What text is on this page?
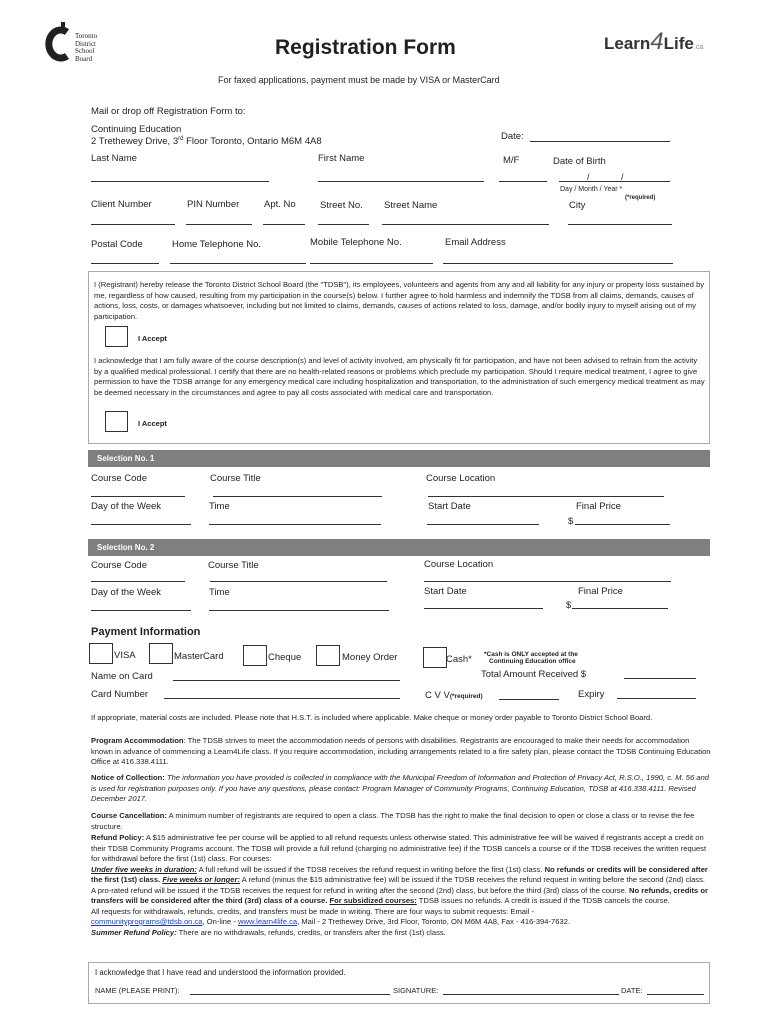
Toronto
District
School
Board	Registration Form	Learn4Life.ca
For faxed applications, payment must be made by VISA or MasterCard
Mail or drop off Registration Form to:
Continuing Education
2 Trethewey Drive, 3rd Floor Toronto, Ontario M6M 4A8	Date:
Last Name	First Name	M/F	Date of Birth
/	/
Day / Month / Year *
(*required)
Client Number	PIN Number	Apt. No	Street No. Street Name	City
Postal Code	Home Telephone No.	Mobile Telephone No.	Email Address
I (Registrant) hereby release the Toronto District School Board (the "TDSB"), its employees, volunteers and agents from any and all liability for any injury or property loss sustained by me, regardless of how caused, resulting from my participation in the course(s) below. I further agree to hold harmless and indemnify the TDSB from all claims, demands, causes of actions, loss, costs, or damages whatsoever, including but not limited to claims, demands, causes of actions related to loss, damage, and/or bodily injury to myself arising out of my participation.
I Accept
I acknowledge that I am fully aware of the course description(s) and level of activity involved, am physically fit for participation, and have not been advised to refrain from the activity by a qualified medical professional. I certify that there are no health-related reasons or problems which preclude my participation. Should I require medical treatment, I agree to give permission to have the TDSB arrange for any emergency medical care including hospitalization and transportation, to the administration of such emergency medical treatment as may be deemed necessary in the circumstances and agree to pay all costs associated with medical care and transportation.
I Accept
Selection No. 1
Course Code	Course Title	Course Location
Day of the Week	Time	Start Date	Final Price
$
Selection No. 2
Course Code	Course Title	Course Location
Day of the Week	Time	Start Date	Final Price
$
Payment Information
VISA	MasterCard	Cheque	Money Order	Cash* *Cash is ONLY accepted at the
Continuing Education office
Name on Card	Total Amount Received $
Card Number	C V V(*required)	Expiry
If appropriate, material costs are included. Please note that H.S.T. is included where applicable. Make cheque or money order payable to Toronto District School Board.
Program Accommodation: The TDSB strives to meet the accommodation needs of persons with disabilities. Registrants are encouraged to make their needs for accommodation known in advance of commencing a Learn4Life class. If you require accommodation, including arrangements related to a fire safety plan, please contact the TDSB Continuing Education Office at 416.338.4111.
Notice of Collection: The information you have provided is collected in compliance with the Municipal Freedom of Information and Protection of Privacy Act, R.S.O., 1990, c. M. 56 and is used for registration purposes only. If you have any questions, please contact: Program Manager of Community Programs, Continuing Education, TDSB at 416.338.4111. Revised December 2017.
Course Cancellation: A minimum number of registrants are required to open a class. The TDSB has the right to make the final decision to open or close a class or to revise the fee structure.
Refund Policy: A $15 administrative fee per course will be applied to all refund requests unless otherwise stated. This administrative fee will be waived if registrants accept a credit on their TDSB Community Programs account. The TDSB will provide a full refund (charging no administrative fee) if the TDSB cancels a course or if the TDSB receives the written request for withdrawal before the first (1st) class. For courses:
Under five weeks in duration: A full refund will be issued if the TDSB receives the refund request in writing before the first (1st) class. No refunds or credits will be considered after the first (1st) class. Five weeks or longer: A refund (minus the $15 administrative fee) will be issued if the TDSB receives the refund request in writing before the second (2nd) class. A pro-rated refund will be issued if the TDSB receives the request for refund in writing after the second (2nd) class, but before the third (3rd) class of the course. No refunds, credits or transfers will be considered after the third (3rd) class of a course. For subsidized courses: TDSB issues no refunds. A credit is issued if the TDSB cancels the course.
All requests for withdrawals, refunds, credits, and transfers must be made in writing. There are four ways to submit requests: Email -
communityprograms@tdsb.on.ca, On-line - www.learn4life.ca, Mail - 2 Trethewey Drive, 3rd Floor, Toronto, ON M6M 4A8, Fax - 416-394-7632.
Summer Refund Policy: There are no withdrawals, refunds, credits, or transfers after the first (1st) class.
I acknowledge that I have read and understood the information provided.
NAME (PLEASE PRINT):	SIGNATURE:	DATE:
